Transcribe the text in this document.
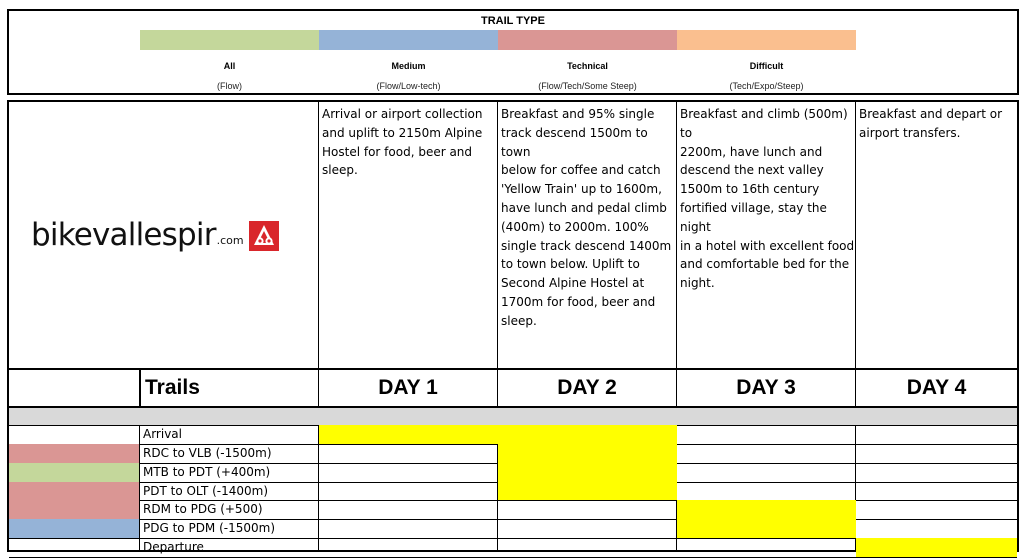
TRAIL TYPE
All
(Flow)
Medium
(Flow/Low-tech)
Technical
(Flow/Tech/Some Steep)
Difficult
(Tech/Expo/Steep)
bikevallespir .com
Arrival or airport collection
and uplift to 2150m Alpine
Hostel for food, beer and
sleep.
Breakfast and 95% single
track descend 1500m to town
below for coffee and catch
'Yellow Train' up to 1600m,
have lunch and pedal climb
(400m) to 2000m. 100%
single track descend 1400m
to town below. Uplift to
Second Alpine Hostel at
1700m for food, beer and
sleep.
Breakfast and climb (500m) to
2200m, have lunch and
descend the next valley
1500m to 16th century
fortified village, stay the night
in a hotel with excellent food
and comfortable bed for the
night.
Breakfast and depart or
airport transfers.
Trails	DAY 1	DAY 2	DAY 3	DAY 4
Arrival
RDC to VLB (-1500m)
MTB to PDT (+400m)
PDT to OLT (-1400m)
RDM to PDG (+500)
PDG to PDM (-1500m)
Departure
